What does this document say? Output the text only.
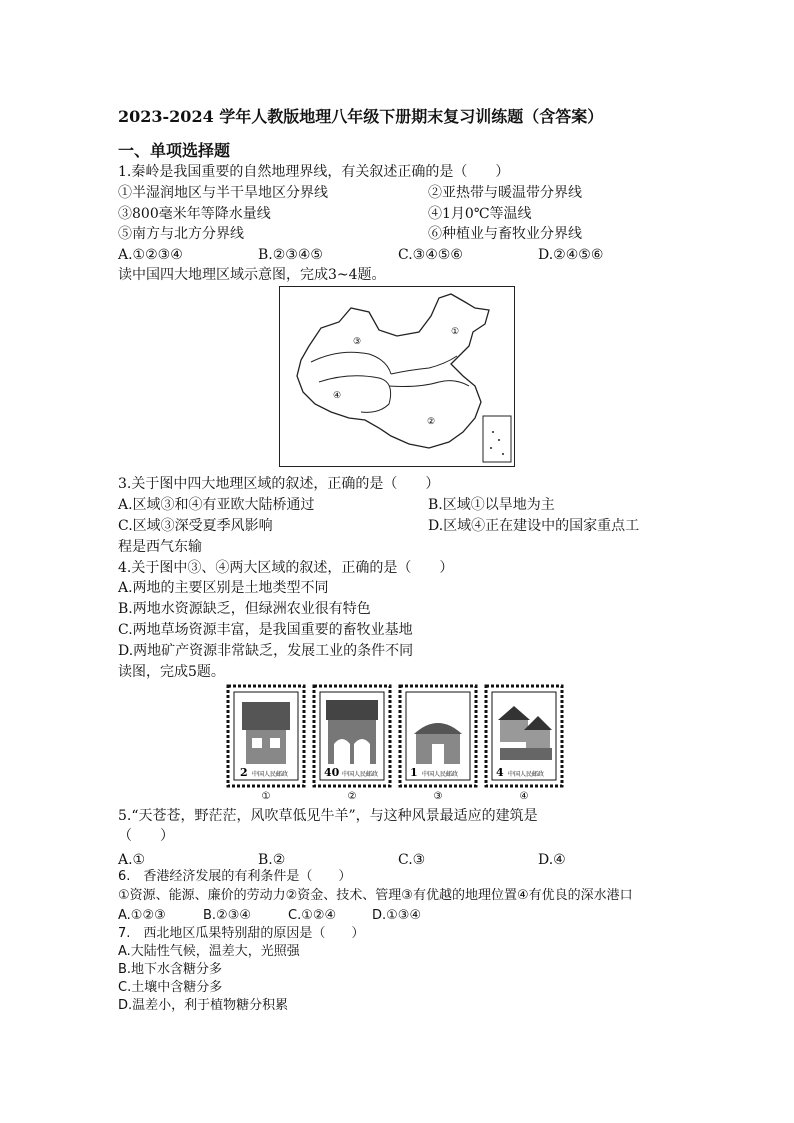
2023-2024 学年人教版地理八年级下册期末复习训练题（含答案）
一、单项选择题
1.秦岭是我国重要的自然地理界线，有关叙述正确的是（　　）
①半湿润地区与半干旱地区分界线	②亚热带与暖温带分界线
③800毫米年等降水量线	④1月0℃等温线
⑤南方与北方分界线	⑥种植业与畜牧业分界线
A.①②③④	B.②③④⑤	C.③④⑤⑥	D.②④⑤⑥
读中国四大地理区域示意图，完成3~4题。
①
②
③
④
3.关于图中四大地理区域的叙述，正确的是（　　）
A.区域③和④有亚欧大陆桥通过	B.区域①以旱地为主
C.区域③深受夏季风影响	D.区域④正在建设中的国家重点工
程是西气东输
4.关于图中③、④两大区域的叙述，正确的是（　　）
A.两地的主要区别是土地类型不同
B.两地水资源缺乏，但绿洲农业很有特色
C.两地草场资源丰富，是我国重要的畜牧业基地
D.两地矿产资源非常缺乏，发展工业的条件不同
读图，完成5题。
2 中国人民邮政	40 中国人民邮政	1 中国人民邮政	4 中国人民邮政
①	②	③	④
5.“天苍苍，野茫茫，风吹草低见牛羊”，与这种风景最适应的建筑是
（　　）
A.①	B.②	C.③	D.④
6.　香港经济发展的有利条件是（　　）
①资源、能源、廉价的劳动力②资金、技术、管理③有优越的地理位置④有优良的深水港口
A.①②③	B.②③④	C.①②④	D.①③④
7.　西北地区瓜果特别甜的原因是（　　）
A.大陆性气候，温差大，光照强
B.地下水含糖分多
C.土壤中含糖分多
D.温差小，利于植物糖分积累
